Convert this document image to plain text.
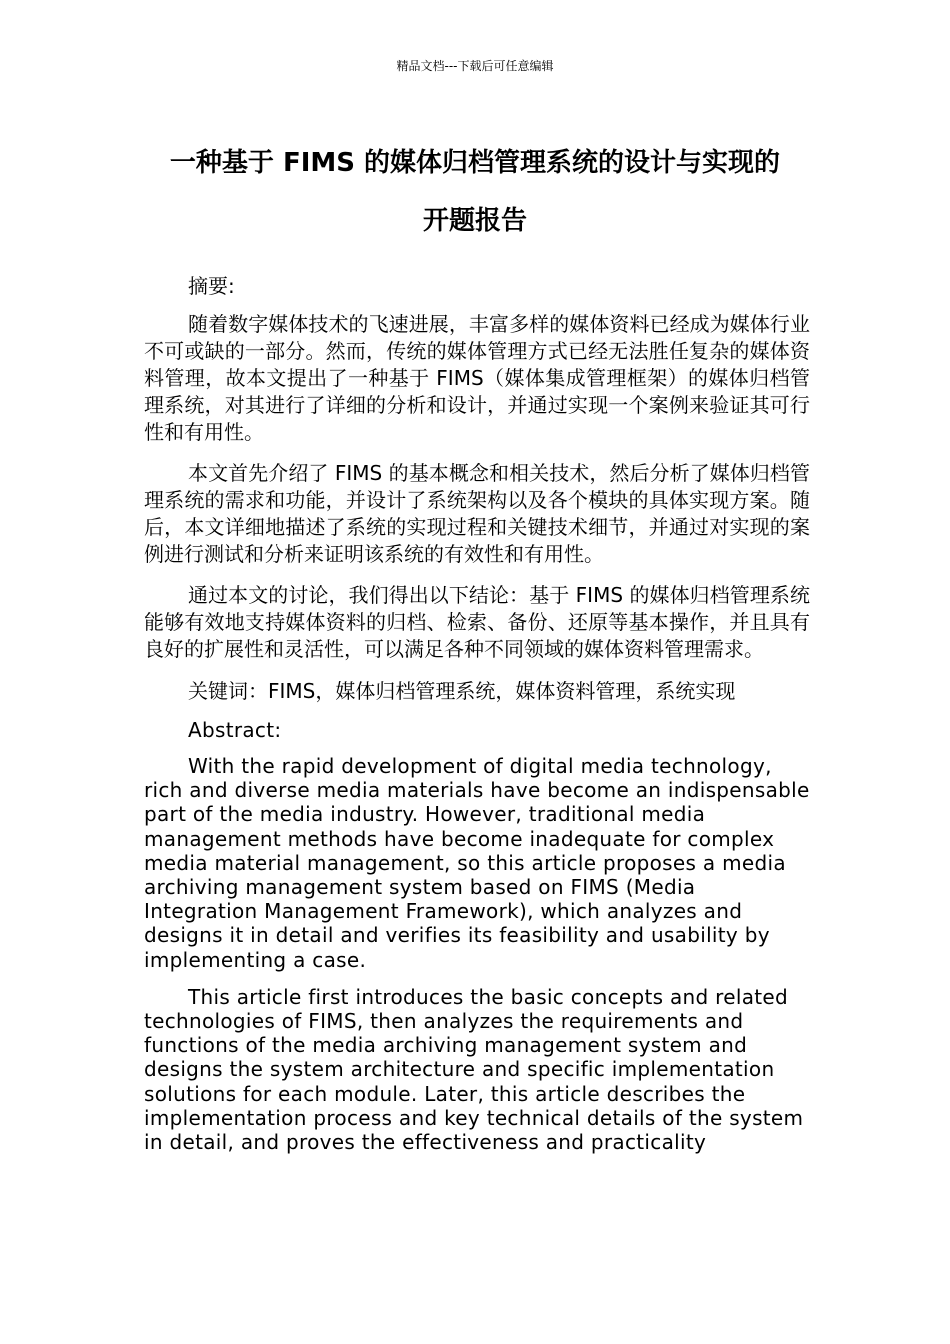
精品文档---下载后可任意编辑
一种基于 FIMS 的媒体归档管理系统的设计与实现的
开题报告

摘要:

随着数字媒体技术的飞速进展，丰富多样的媒体资料已经成为媒体行业不可或缺的一部分。然而，传统的媒体管理方式已经无法胜任复杂的媒体资料管理，故本文提出了一种基于 FIMS（媒体集成管理框架）的媒体归档管理系统，对其进行了详细的分析和设计，并通过实现一个案例来验证其可行性和有用性。

本文首先介绍了 FIMS 的基本概念和相关技术，然后分析了媒体归档管理系统的需求和功能，并设计了系统架构以及各个模块的具体实现方案。随后，本文详细地描述了系统的实现过程和关键技术细节，并通过对实现的案例进行测试和分析来证明该系统的有效性和有用性。

通过本文的讨论，我们得出以下结论：基于 FIMS 的媒体归档管理系统能够有效地支持媒体资料的归档、检索、备份、还原等基本操作，并且具有良好的扩展性和灵活性，可以满足各种不同领域的媒体资料管理需求。

关键词：FIMS，媒体归档管理系统，媒体资料管理，系统实现

Abstract:

With the rapid development of digital media technology, rich and diverse media materials have become an indispensable part of the media industry. However, traditional media management methods have become inadequate for complex media material management, so this article proposes a media archiving management system based on FIMS (Media Integration Management Framework), which analyzes and designs it in detail and verifies its feasibility and usability by implementing a case.

This article first introduces the basic concepts and related technologies of FIMS, then analyzes the requirements and functions of the media archiving management system and designs the system architecture and specific implementation solutions for each module. Later, this article describes the implementation process and key technical details of the system in detail, and proves the effectiveness and practicality
